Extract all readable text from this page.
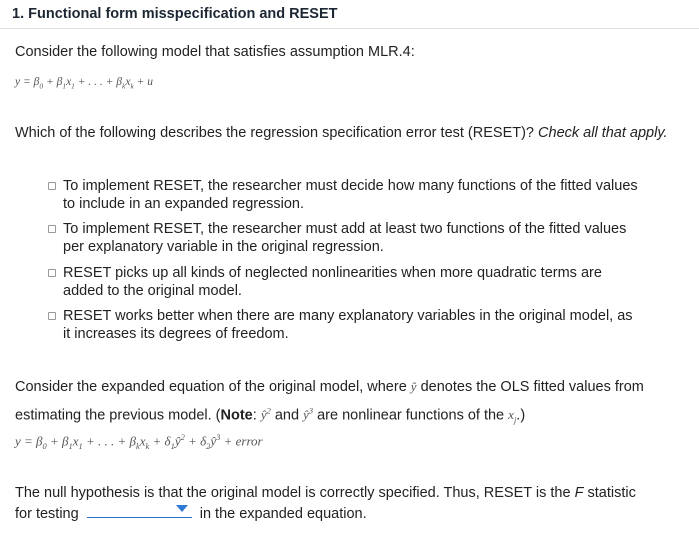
1. Functional form misspecification and RESET
Consider the following model that satisfies assumption MLR.4:
$y = \beta_0 + \beta_1x_1$ + . . . + $\beta_kx_k + u$
Which of the following describes the regression specification error test (RESET)? Check all that apply.
To implement RESET, the researcher must decide how many functions of the fitted values
to include in an expanded regression.
To implement RESET, the researcher must add at least two functions of the fitted values
per explanatory variable in the original regression.
RESET picks up all kinds of neglected nonlinearities when more quadratic terms are
added to the original model.
RESET works better when there are many explanatory variables in the original model, as
it increases its degrees of freedom.
Consider the expanded equation of the original model, where ŷ denotes the OLS fitted values from
estimating the previous model. (Note: $ŷ^2$ and $ŷ^3$ are nonlinear functions of the $x_j$.)
$y = \beta_0 + \beta_1x_1$ + . . . + $\beta_kx_k$ + $\delta_1ŷ^2$ + $\delta_2ŷ^3$ + error
The null hypothesis is that the original model is correctly specified. Thus, RESET is the F statistic
for testing	in the expanded equation.
